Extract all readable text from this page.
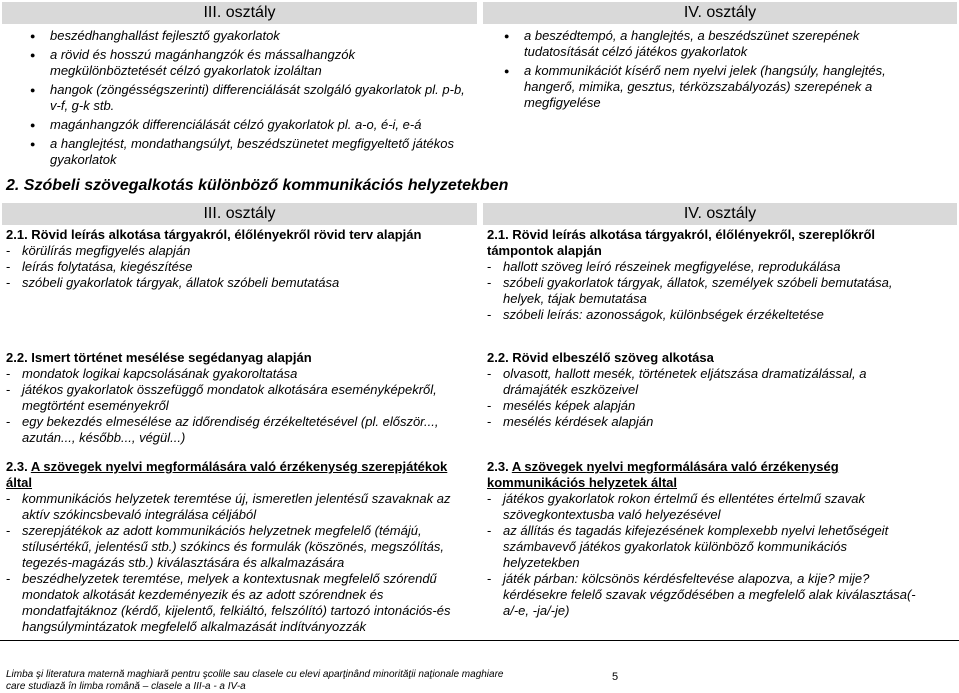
III. osztály	IV. osztály
● beszédhanghallást fejlesztő gyakorlatok
● a rövid és hosszú magánhangzók és mássalhangzók megkülönböztetését célzó gyakorlatok izoláltan
● hangok (zöngésségszerinti) differenciálását szolgáló gyakorlatok pl. p-b, v-f, g-k stb.
● magánhangzók differenciálását célzó gyakorlatok pl. a-o, é-i, e-á
● a hanglejtést, mondathangsúlyt, beszédszünetet megfigyeltető játékos gyakorlatok
● a beszédtempó, a hanglejtés, a beszédszünet szerepének tudatosítását célzó játékos gyakorlatok
● a kommunikációt kísérő nem nyelvi jelek (hangsúly, hanglejtés, hangerő, mimika, gesztus, térközszabályozás) szerepének a megfigyelése
2. Szóbeli szövegalkotás különböző kommunikációs helyzetekben
III. osztály	IV. osztály
2.1. Rövid leírás alkotása tárgyakról, élőlényekről rövid terv alapján
- körülírás megfigyelés alapján
- leírás folytatása, kiegészítése
- szóbeli gyakorlatok tárgyak, állatok szóbeli bemutatása
2.1. Rövid leírás alkotása tárgyakról, élőlényekről, szereplőkről támpontok alapján
- hallott szöveg leíró részeinek megfigyelése, reprodukálása
- szóbeli gyakorlatok tárgyak, állatok, személyek szóbeli bemutatása, helyek, tájak bemutatása
- szóbeli leírás: azonosságok, különbségek érzékeltetése
2.2. Ismert történet mesélése segédanyag alapján
- mondatok logikai kapcsolásának gyakoroltatása
- játékos gyakorlatok összefüggő mondatok alkotására eseményképekről, megtörtént eseményekről
- egy bekezdés elmesélése az időrendiség érzékeltetésével (pl. először..., azután..., később..., végül...)
2.2. Rövid elbeszélő szöveg alkotása
- olvasott, hallott mesék, történetek eljátszása dramatizálással, a drámajáték eszközeivel
- mesélés képek alapján
- mesélés kérdések alapján
2.3. A szövegek nyelvi megformálására való érzékenység szerepjátékok által
- kommunikációs helyzetek teremtése új, ismeretlen jelentésű szavaknak az aktív szókincsbevaló integrálása céljából
- szerepjátékok az adott kommunikációs helyzetnek megfelelő (témájú, stílusértékű, jelentésű stb.) szókincs és formulák (köszönés, megszólítás, tegezés-magázás stb.) kiválasztására és alkalmazására
- beszédhelyzetek teremtése, melyek a kontextusnak megfelelő szórendű mondatok alkotását kezdeményezik és az adott szórendnek és mondatfajtáknoz (kérdő, kijelentő, felkiáltó, felszólító) tartozó intonációs-és hangsúlymintázatok megfelelő alkalmazását indítványozzák
2.3. A szövegek nyelvi megformálására való érzékenység kommunikációs helyzetek által
- játékos gyakorlatok rokon értelmű és ellentétes értelmű szavak szövegkontextusba való helyezésével
- az állítás és tagadás kifejezésének komplexebb nyelvi lehetőségeit számbavevő játékos gyakorlatok különböző kommunikációs helyzetekben
- játék párban: kölcsönös kérdésfeltevése alapozva, a kije? mije?kérdésekre felelő szavak végződésében a megfelelő alak kiválasztása(-a/-e, -ja/-je)
Limba şi literatura maternă maghiară pentru şcolile sau clasele cu elevi aparţinând minorităţii naţionale maghiare
care studiază în limba română – clasele a III-a - a IV-a
5
